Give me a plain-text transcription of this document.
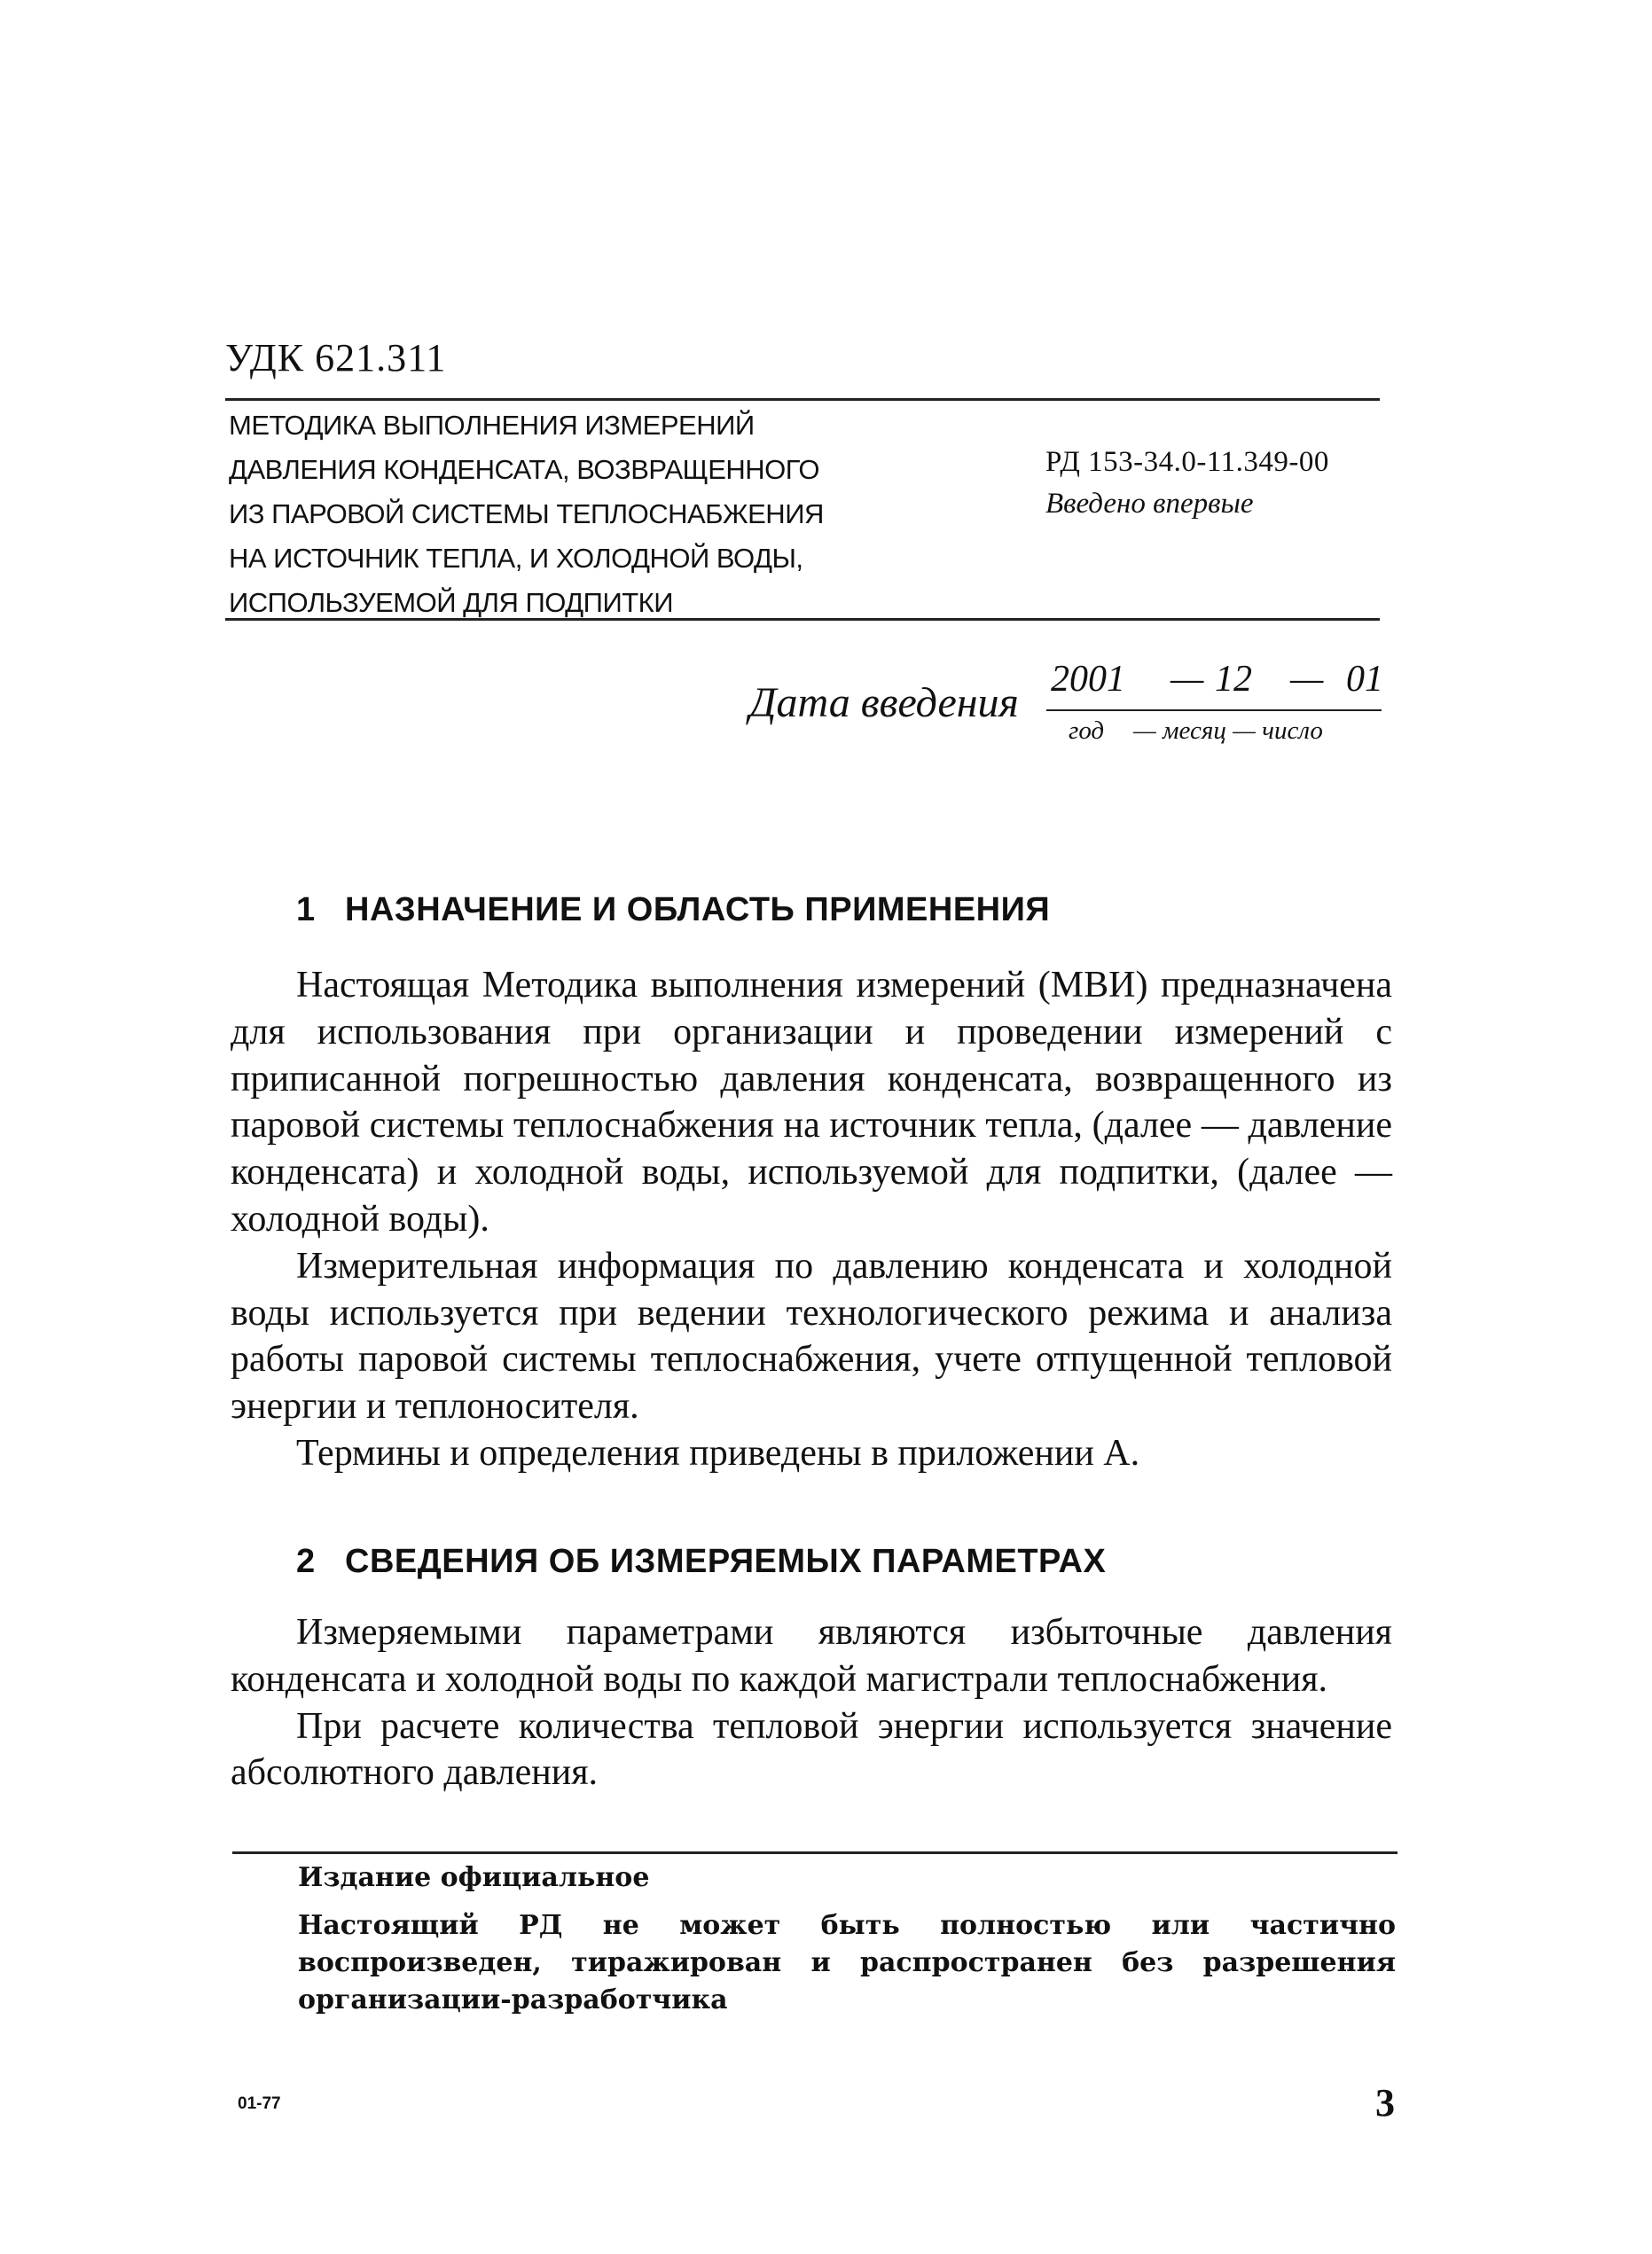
УДК 621.311
МЕТОДИКА ВЫПОЛНЕНИЯ ИЗМЕРЕНИЙ
ДАВЛЕНИЯ КОНДЕНСАТА, ВОЗВРАЩЕННОГО
ИЗ ПАРОВОЙ СИСТЕМЫ ТЕПЛОСНАБЖЕНИЯ
НА ИСТОЧНИК ТЕПЛА, И ХОЛОДНОЙ ВОДЫ,
ИСПОЛЬЗУЕМОЙ ДЛЯ ПОДПИТКИ
РД 153-34.0-11.349-00
Введено впервые
Дата введения 2001 — 12 — 01
год — месяц — число
1 НАЗНАЧЕНИЕ И ОБЛАСТЬ ПРИМЕНЕНИЯ

Настоящая Методика выполнения измерений (МВИ) предназначена для использования при организации и проведении измерений с приписанной погрешностью давления конденсата, возвращенного из паровой системы теплоснабжения на источник тепла, (далее — давление конденсата) и холодной воды, используемой для подпитки, (далее — холодной воды).

Измерительная информация по давлению конденсата и холодной воды используется при ведении технологического режима и анализа работы паровой системы теплоснабжения, учете отпущенной тепловой энергии и теплоносителя.

Термины и определения приведены в приложении А.

2 СВЕДЕНИЯ ОБ ИЗМЕРЯЕМЫХ ПАРАМЕТРАХ

Измеряемыми параметрами являются избыточные давления конденсата и холодной воды по каждой магистрали теплоснабжения.

При расчете количества тепловой энергии используется значение абсолютного давления.

Издание официальное

Настоящий РД не может быть полностью или частично воспроизведен, тиражирован и распространен без разрешения организации-разработчика

01-77	3
